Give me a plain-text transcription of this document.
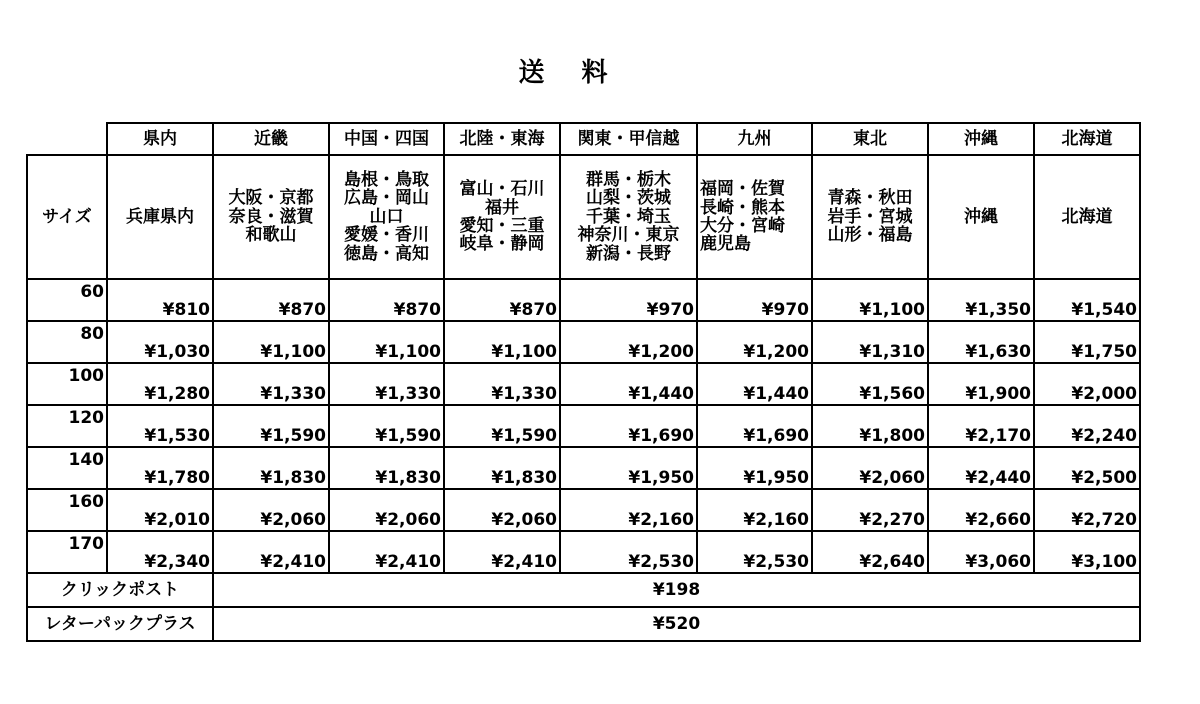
送 料
	県内	近畿	中国・四国	北陸・東海	関東・甲信越	九州	東北	沖縄	北海道
サイズ	兵庫県内	大阪・京都
奈良・滋賀
和歌山	島根・鳥取
広島・岡山
山口
愛媛・香川
徳島・高知	富山・石川
福井
愛知・三重
岐阜・静岡	群馬・栃木
山梨・茨城
千葉・埼玉
神奈川・東京
新潟・長野	福岡・佐賀
長崎・熊本
大分・宮崎
鹿児島	青森・秋田
岩手・宮城
山形・福島	沖縄	北海道

60	¥810	¥870	¥870	¥870	¥970	¥970	¥1,100	¥1,350	¥1,540
80	¥1,030	¥1,100	¥1,100	¥1,100	¥1,200	¥1,200	¥1,310	¥1,630	¥1,750
100	¥1,280	¥1,330	¥1,330	¥1,330	¥1,440	¥1,440	¥1,560	¥1,900	¥2,000
120	¥1,530	¥1,590	¥1,590	¥1,590	¥1,690	¥1,690	¥1,800	¥2,170	¥2,240
140	¥1,780	¥1,830	¥1,830	¥1,830	¥1,950	¥1,950	¥2,060	¥2,440	¥2,500
160	¥2,010	¥2,060	¥2,060	¥2,060	¥2,160	¥2,160	¥2,270	¥2,660	¥2,720
170	¥2,340	¥2,410	¥2,410	¥2,410	¥2,530	¥2,530	¥2,640	¥3,060	¥3,100
クリックポスト		¥198							
レターパックプラス		¥520							
